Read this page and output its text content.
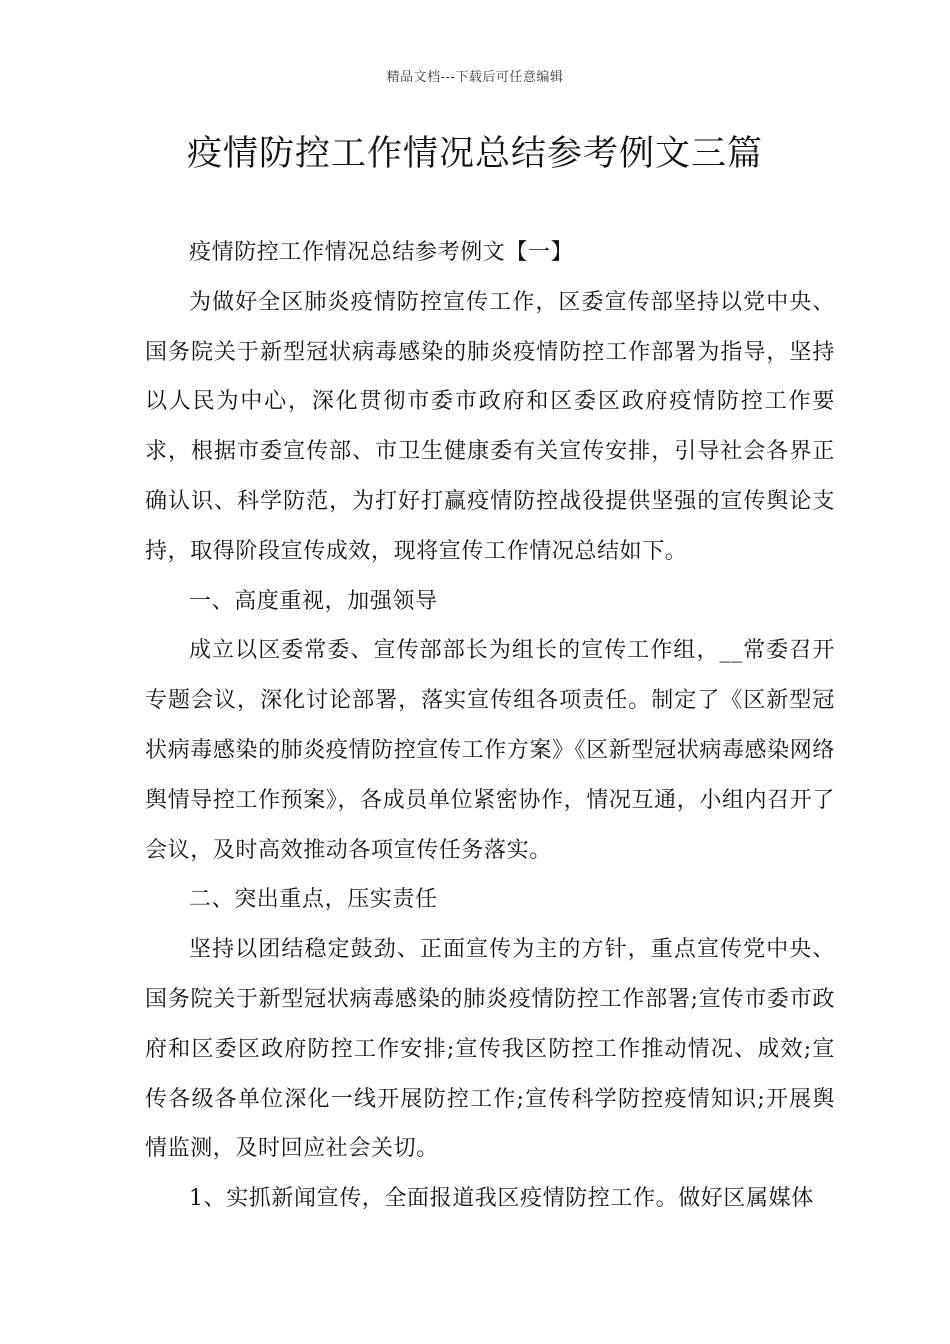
精品文档---下载后可任意编辑
疫情防控工作情况总结参考例文三篇

疫情防控工作情况总结参考例文【一】

为做好全区肺炎疫情防控宣传工作，区委宣传部坚持以党中央、国务院关于新型冠状病毒感染的肺炎疫情防控工作部署为指导，坚持以人民为中心，深化贯彻市委市政府和区委区政府疫情防控工作要求，根据市委宣传部、市卫生健康委有关宣传安排，引导社会各界正确认识、科学防范，为打好打赢疫情防控战役提供坚强的宣传舆论支持，取得阶段宣传成效，现将宣传工作情况总结如下。

一、高度重视，加强领导

成立以区委常委、宣传部部长为组长的宣传工作组，__常委召开专题会议，深化讨论部署，落实宣传组各项责任。制定了《区新型冠状病毒感染的肺炎疫情防控宣传工作方案》《区新型冠状病毒感染网络舆情导控工作预案》，各成员单位紧密协作，情况互通，小组内召开了会议，及时高效推动各项宣传任务落实。

二、突出重点，压实责任

坚持以团结稳定鼓劲、正面宣传为主的方针，重点宣传党中央、国务院关于新型冠状病毒感染的肺炎疫情防控工作部署;宣传市委市政府和区委区政府防控工作安排;宣传我区防控工作推动情况、成效;宣传各级各单位深化一线开展防控工作;宣传科学防控疫情知识;开展舆情监测，及时回应社会关切。

1、实抓新闻宣传，全面报道我区疫情防控工作。做好区属媒体
